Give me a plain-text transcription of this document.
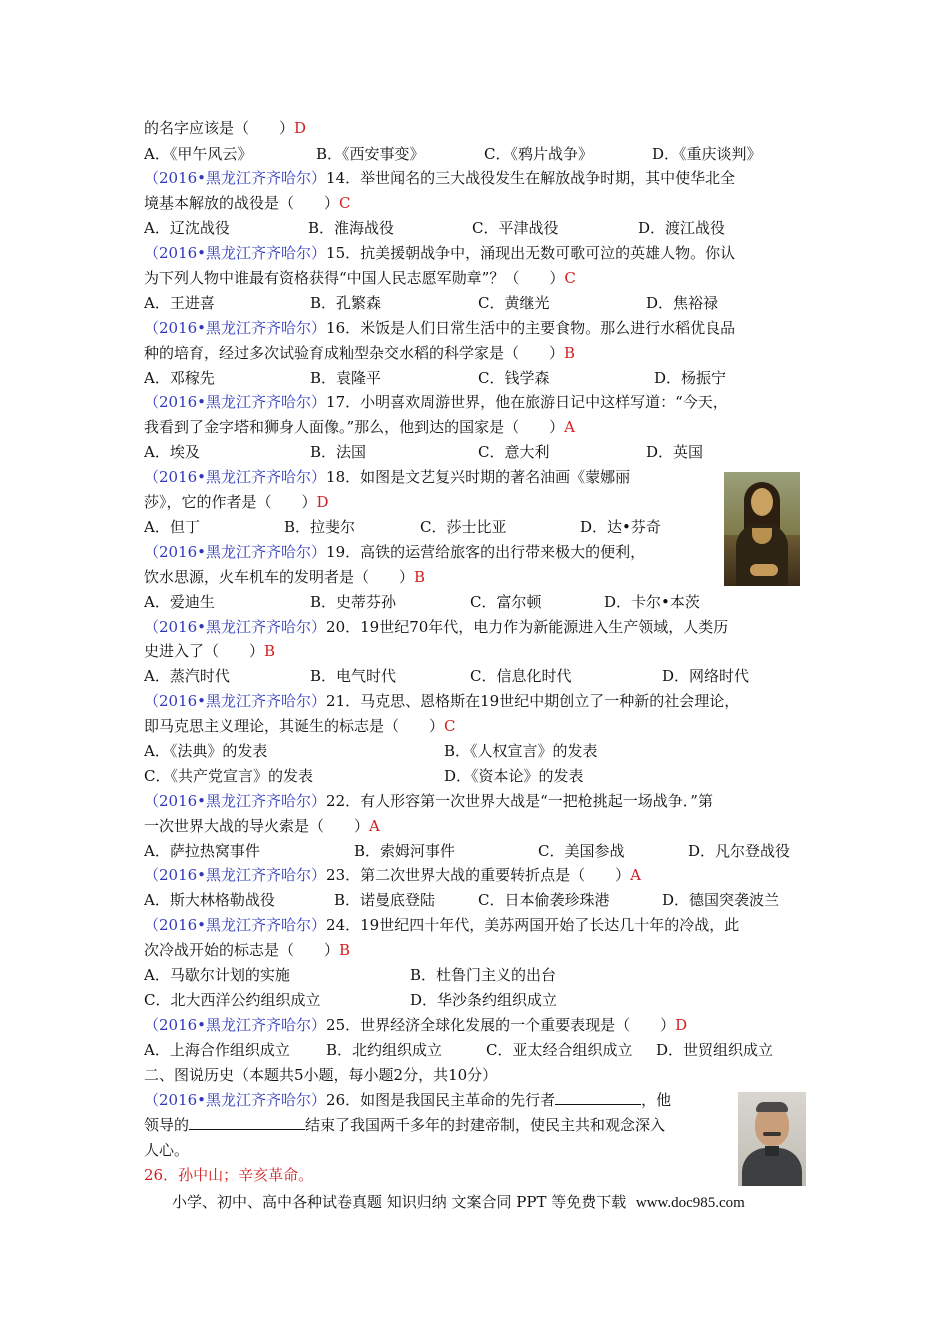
的名字应该是（　　）D
A．《甲午风云》	B．《西安事变》	C．《鸦片战争》	D．《重庆谈判》
（2016•黑龙江齐齐哈尔）14．举世闻名的三大战役发生在解放战争时期，其中使华北全
境基本解放的战役是（　　）C
A．辽沈战役	B．淮海战役	C．平津战役	D．渡江战役
（2016•黑龙江齐齐哈尔）15．抗美援朝战争中，涌现出无数可歌可泣的英雄人物。你认
为下列人物中谁最有资格获得“中国人民志愿军勋章”？（　　）C
A．王进喜	B．孔繁森	C．黄继光	D．焦裕禄
（2016•黑龙江齐齐哈尔）16．米饭是人们日常生活中的主要食物。那么进行水稻优良品
种的培育，经过多次试验育成籼型杂交水稻的科学家是（　　）B
A．邓稼先	B．袁隆平	C．钱学森	D．杨振宁
（2016•黑龙江齐齐哈尔）17．小明喜欢周游世界，他在旅游日记中这样写道：“今天，
我看到了金字塔和狮身人面像。”那么，他到达的国家是（　　）A
A．埃及	B．法国	C．意大利	D．英国
（2016•黑龙江齐齐哈尔）18．如图是文艺复兴时期的著名油画《蒙娜丽
莎》，它的作者是（　　）D
A．但丁	B．拉斐尔	C．莎士比亚	D．达•芬奇
（2016•黑龙江齐齐哈尔）19．高铁的运营给旅客的出行带来极大的便利，
饮水思源，火车机车的发明者是（　　）B
A．爱迪生	B．史蒂芬孙	C．富尔顿	D．卡尔•本茨
（2016•黑龙江齐齐哈尔）20．19世纪70年代，电力作为新能源进入生产领域，人类历
史进入了（　　）B
A．蒸汽时代	B．电气时代	C．信息化时代	D．网络时代
（2016•黑龙江齐齐哈尔）21．马克思、恩格斯在19世纪中期创立了一种新的社会理论，
即马克思主义理论，其诞生的标志是（　　）C
A．《法典》的发表	B．《人权宣言》的发表
C．《共产党宣言》的发表	D．《资本论》的发表
（2016•黑龙江齐齐哈尔）22．有人形容第一次世界大战是“一把枪挑起一场战争．”第
一次世界大战的导火索是（　　）A
A．萨拉热窝事件	B．索姆河事件	C．美国参战	D．凡尔登战役
（2016•黑龙江齐齐哈尔）23．第二次世界大战的重要转折点是（　　）A
A．斯大林格勒战役	B．诺曼底登陆	C．日本偷袭珍珠港	D．德国突袭波兰
（2016•黑龙江齐齐哈尔）24．19世纪四十年代，美苏两国开始了长达几十年的冷战，此
次冷战开始的标志是（　　）B
A．马歇尔计划的实施	B．杜鲁门主义的出台
C．北大西洋公约组织成立	D．华沙条约组织成立
（2016•黑龙江齐齐哈尔）25．世界经济全球化发展的一个重要表现是（　　）D
A．上海合作组织成立 B．北约组织成立	C．亚太经合组织成立 D．世贸组织成立
二、图说历史（本题共5小题，每小题2分，共10分）
（2016•黑龙江齐齐哈尔）26．如图是我国民主革命的先行者	，他
领导的	结束了我国两千多年的封建帝制，使民主共和观念深入
人心。
26．孙中山；辛亥革命。
小学、初中、高中各种试卷真题 知识归纳 文案合同 PPT 等免费下载 www.doc985.com
